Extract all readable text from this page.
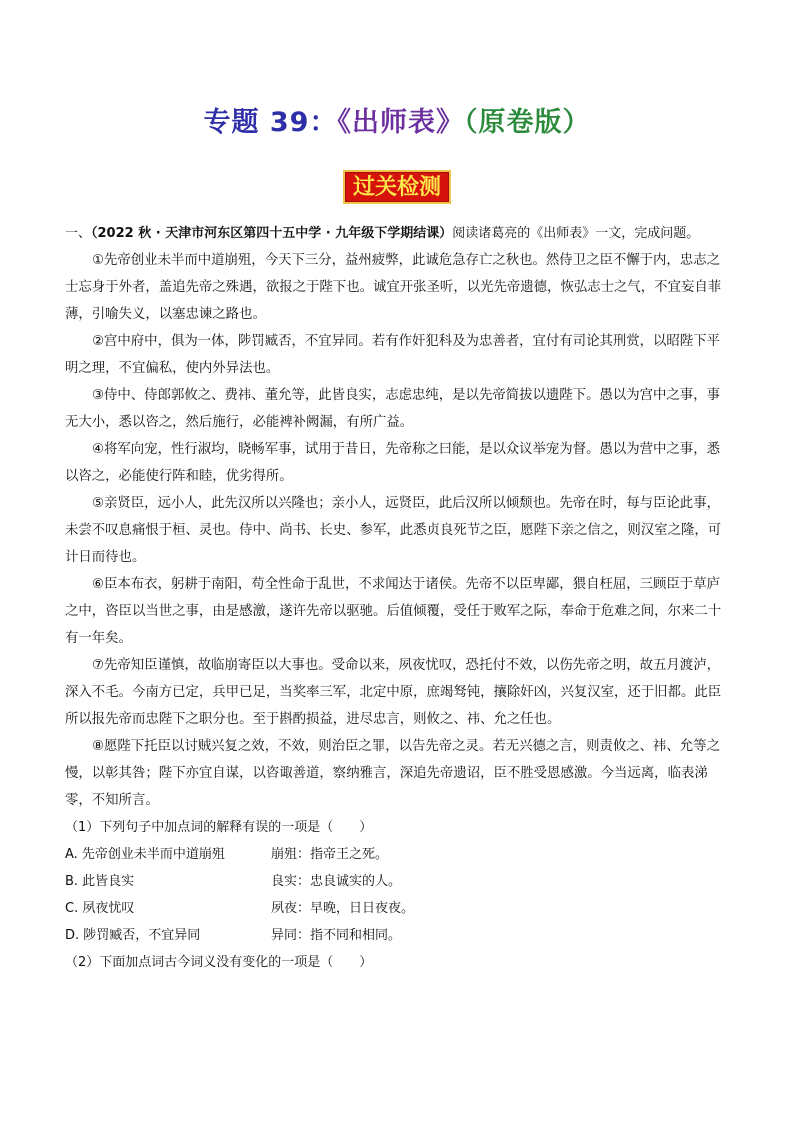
专题 39：《出师表》（原卷版）
过关检测

一、（2022 秋 · 天津市河东区第四十五中学 · 九年级下学期结课）阅读诸葛亮的《出师表》一文，完成问题。

①先帝创业未半而中道崩殂，今天下三分，益州疲弊，此诚危急存亡之秋也。然侍卫之臣不懈于内，忠志之士忘身于外者，盖追先帝之殊遇，欲报之于陛下也。诚宜开张圣听，以光先帝遗德，恢弘志士之气，不宜妄自菲薄，引喻失义，以塞忠谏之路也。

②宫中府中，俱为一体，陟罚臧否，不宜异同。若有作奸犯科及为忠善者，宜付有司论其刑赏，以昭陛下平明之理，不宜偏私，使内外异法也。

③侍中、侍郎郭攸之、费祎、董允等，此皆良实，志虑忠纯，是以先帝简拔以遗陛下。愚以为宫中之事，事无大小，悉以咨之，然后施行，必能裨补阙漏，有所广益。

④将军向宠，性行淑均，晓畅军事，试用于昔日，先帝称之曰能，是以众议举宠为督。愚以为营中之事，悉以咨之，必能使行阵和睦，优劣得所。

⑤亲贤臣，远小人，此先汉所以兴隆也；亲小人，远贤臣，此后汉所以倾颓也。先帝在时，每与臣论此事，未尝不叹息痛恨于桓、灵也。侍中、尚书、长史、参军，此悉贞良死节之臣，愿陛下亲之信之，则汉室之隆，可计日而待也。

⑥臣本布衣，躬耕于南阳，苟全性命于乱世，不求闻达于诸侯。先帝不以臣卑鄙，猥自枉屈，三顾臣于草庐之中，咨臣以当世之事，由是感激，遂许先帝以驱驰。后值倾覆，受任于败军之际，奉命于危难之间，尔来二十有一年矣。

⑦先帝知臣谨慎，故临崩寄臣以大事也。受命以来，夙夜忧叹，恐托付不效，以伤先帝之明，故五月渡泸，深入不毛。今南方已定，兵甲已足，当奖率三军，北定中原，庶竭驽钝，攘除奸凶，兴复汉室，还于旧都。此臣所以报先帝而忠陛下之职分也。至于斟酌损益，进尽忠言，则攸之、祎、允之任也。

⑧愿陛下托臣以讨贼兴复之效，不效，则治臣之罪，以告先帝之灵。若无兴德之言，则责攸之、祎、允等之慢，以彰其咎；陛下亦宜自谋，以咨诹善道，察纳雅言，深追先帝遗诏，臣不胜受恩感激。今当远离，临表涕零，不知所言。

（1）下列句子中加点词的解释有误的一项是（　　）

A. 先帝创业未半而中道崩殂	崩殂：指帝王之死。
B. 此皆良实	良实：忠良诚实的人。
C. 夙夜忧叹	夙夜：早晚，日日夜夜。
D. 陟罚臧否，不宜异同	异同：指不同和相同。

（2）下面加点词古今词义没有变化的一项是（　　）
